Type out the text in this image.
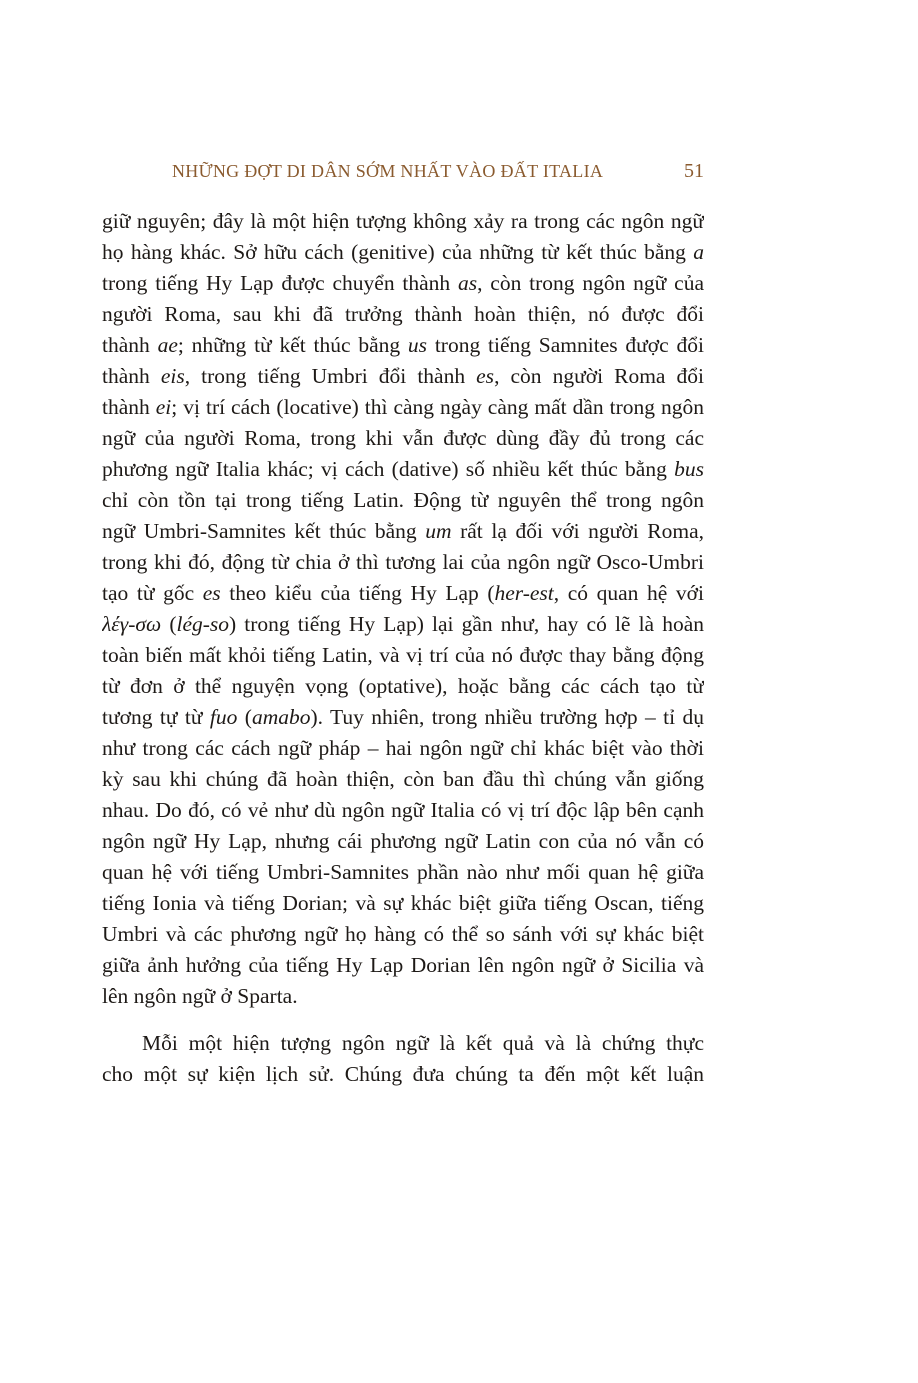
NHỮNG ĐỢT DI DÂN SỚM NHẤT VÀO ĐẤT ITALIA	51
giữ nguyên; đây là một hiện tượng không xảy ra trong các ngôn ngữ
họ hàng khác. Sở hữu cách (genitive) của những từ kết thúc bằng a
trong tiếng Hy Lạp được chuyển thành as, còn trong ngôn ngữ của
người Roma, sau khi đã trưởng thành hoàn thiện, nó được đổi
thành ae; những từ kết thúc bằng us trong tiếng Samnites được đổi
thành eis, trong tiếng Umbri đổi thành es, còn người Roma đổi
thành ei; vị trí cách (locative) thì càng ngày càng mất dần trong ngôn
ngữ của người Roma, trong khi vẫn được dùng đầy đủ trong các
phương ngữ Italia khác; vị cách (dative) số nhiều kết thúc bằng bus
chỉ còn tồn tại trong tiếng Latin. Động từ nguyên thể trong ngôn
ngữ Umbri-Samnites kết thúc bằng um rất lạ đối với người Roma,
trong khi đó, động từ chia ở thì tương lai của ngôn ngữ Osco-Umbri
tạo từ gốc es theo kiểu của tiếng Hy Lạp (her-est, có quan hệ với
λέγ-σω (lég-so) trong tiếng Hy Lạp) lại gần như, hay có lẽ là hoàn
toàn biến mất khỏi tiếng Latin, và vị trí của nó được thay bằng động
từ đơn ở thể nguyện vọng (optative), hoặc bằng các cách tạo từ
tương tự từ fuo (amabo). Tuy nhiên, trong nhiều trường hợp – tỉ dụ
như trong các cách ngữ pháp – hai ngôn ngữ chỉ khác biệt vào thời
kỳ sau khi chúng đã hoàn thiện, còn ban đầu thì chúng vẫn giống
nhau. Do đó, có vẻ như dù ngôn ngữ Italia có vị trí độc lập bên cạnh
ngôn ngữ Hy Lạp, nhưng cái phương ngữ Latin con của nó vẫn có
quan hệ với tiếng Umbri-Samnites phần nào như mối quan hệ giữa
tiếng Ionia và tiếng Dorian; và sự khác biệt giữa tiếng Oscan, tiếng
Umbri và các phương ngữ họ hàng có thể so sánh với sự khác biệt
giữa ảnh hưởng của tiếng Hy Lạp Dorian lên ngôn ngữ ở Sicilia và
lên ngôn ngữ ở Sparta.
Mỗi một hiện tượng ngôn ngữ là kết quả và là chứng thực
cho một sự kiện lịch sử. Chúng đưa chúng ta đến một kết luận
